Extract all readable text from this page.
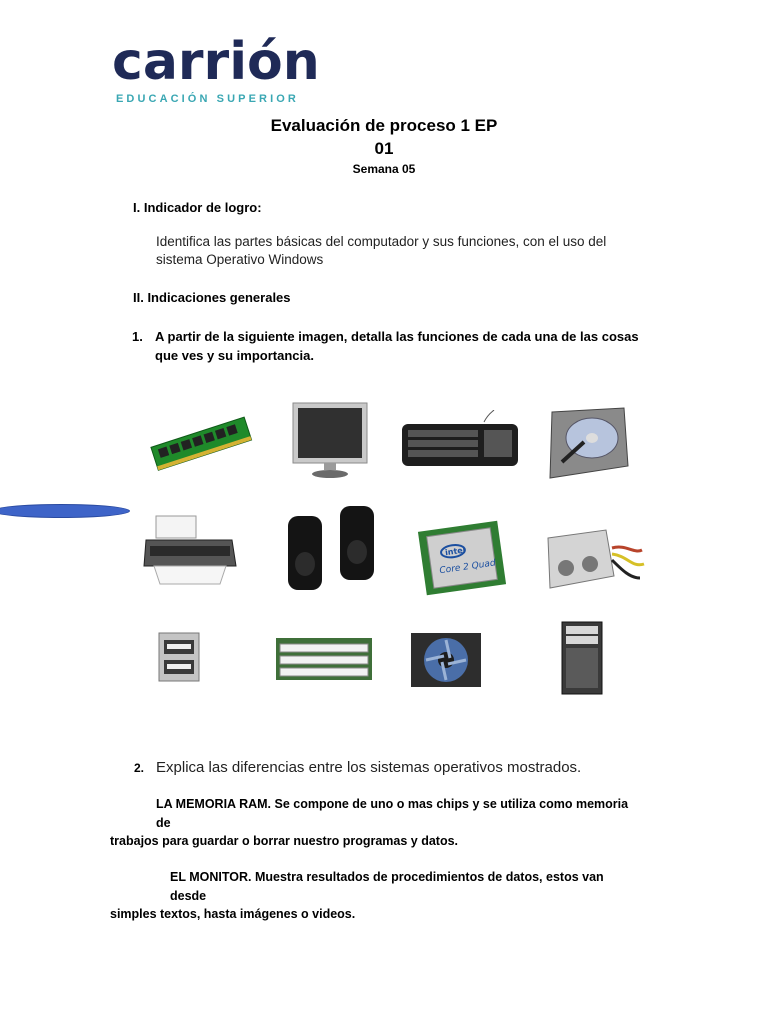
carrión
EDUCACIÓN SUPERIOR
Evaluación de proceso 1 EP
01
Semana 05
I. Indicador de logro:
Identifica las partes básicas del computador y sus funciones, con el uso del sistema Operativo Windows
II. Indicaciones generales
1. A partir de la siguiente imagen, detalla las funciones de cada una de las cosas que ves y su importancia.
intel
Core 2 Quad
2. Explica las diferencias entre los sistemas operativos mostrados.
LA MEMORIA RAM. Se compone de uno o mas chips y se utiliza como memoria de
trabajos para guardar o borrar nuestro programas y datos.
EL MONITOR. Muestra resultados de procedimientos de datos, estos van desde
simples textos, hasta imágenes o videos.
